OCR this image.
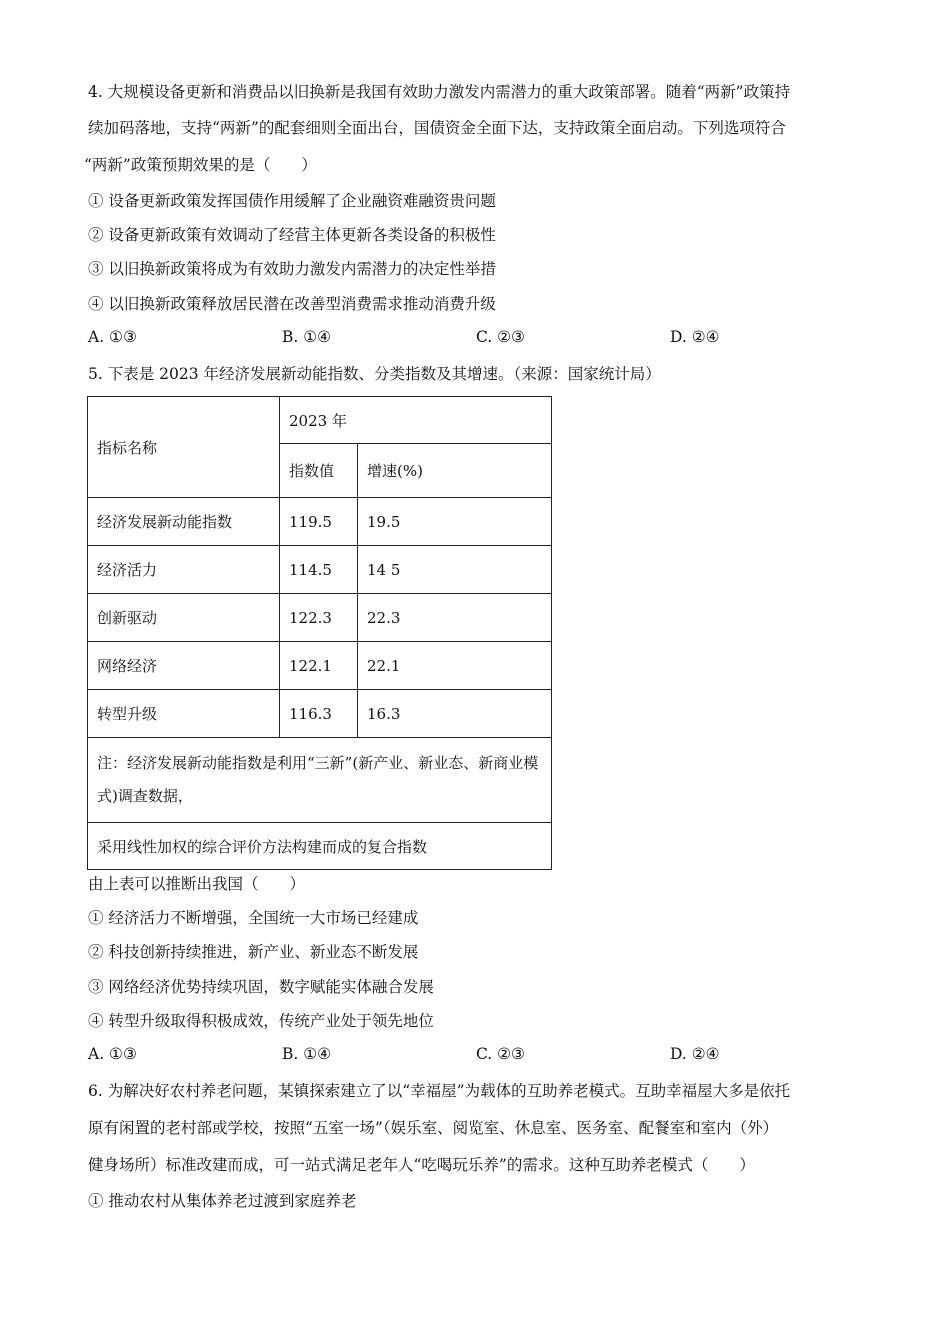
4. 大规模设备更新和消费品以旧换新是我国有效助力激发内需潜力的重大政策部署。随着“两新”政策持
续加码落地，支持“两新”的配套细则全面出台，国债资金全面下达，支持政策全面启动。下列选项符合
“两新”政策预期效果的是（　　）
① 设备更新政策发挥国债作用缓解了企业融资难融资贵问题
② 设备更新政策有效调动了经营主体更新各类设备的积极性
③ 以旧换新政策将成为有效助力激发内需潜力的决定性举措
④ 以旧换新政策释放居民潜在改善型消费需求推动消费升级
A. ①③	B. ①④	C. ②③	D. ②④
5. 下表是 2023 年经济发展新动能指数、分类指数及其增速。（来源：国家统计局）
指标名称	2023 年	
	指数值	增速(%)
经济发展新动能指数	119.5	19.5
经济活力	114.5	14 5
创新驱动	122.3	22.3
网络经济	122.1	22.1
转型升级	116.3	16.3
注：经济发展新动能指数是利用“三新”(新产业、新业态、新商业模式)调查数据，		
采用线性加权的综合评价方法构建而成的复合指数		
由上表可以推断出我国（　　）
① 经济活力不断增强，全国统一大市场已经建成
② 科技创新持续推进，新产业、新业态不断发展
③ 网络经济优势持续巩固，数字赋能实体融合发展
④ 转型升级取得积极成效，传统产业处于领先地位
A. ①③	B. ①④	C. ②③	D. ②④
6. 为解决好农村养老问题，某镇探索建立了以“幸福屋”为载体的互助养老模式。互助幸福屋大多是依托
原有闲置的老村部或学校，按照“五室一场”（娱乐室、阅览室、休息室、医务室、配餐室和室内（外）
健身场所）标准改建而成，可一站式满足老年人“吃喝玩乐养”的需求。这种互助养老模式（　　）
① 推动农村从集体养老过渡到家庭养老
